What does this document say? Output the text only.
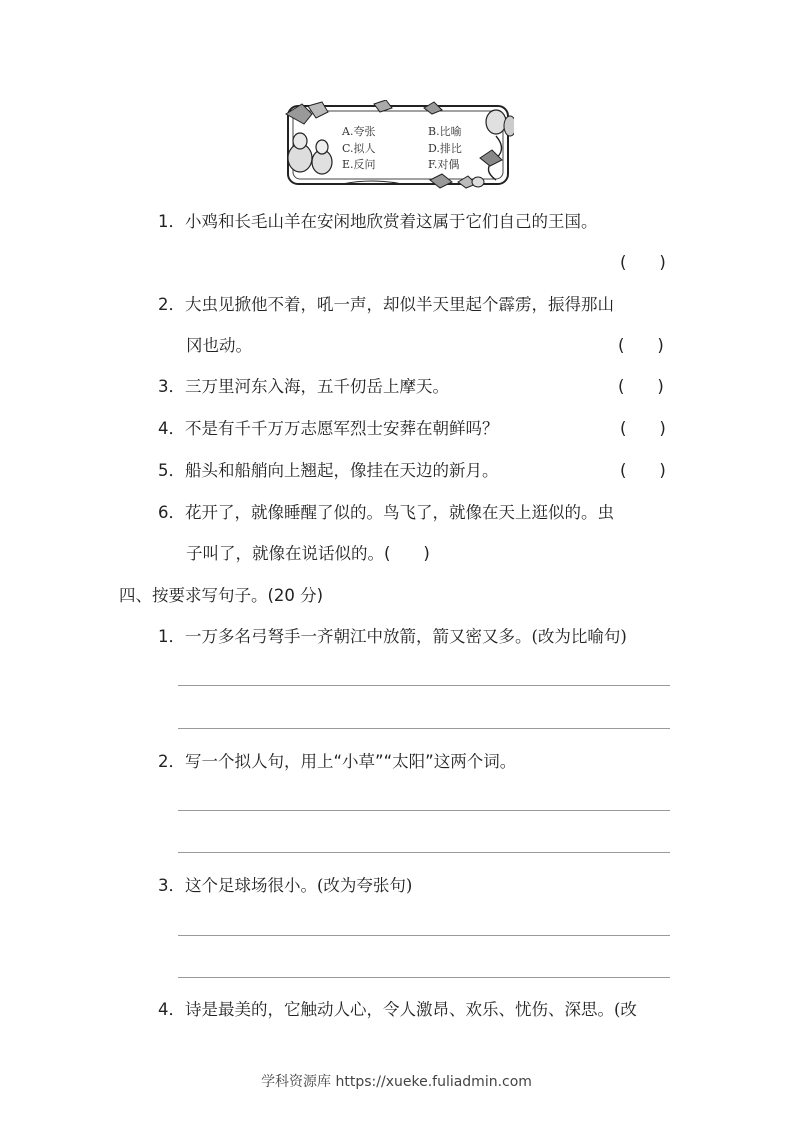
A.夸张	B.比喻
C.拟人	D.排比
E.反问	F.对偶
1．小鸡和长毛山羊在安闲地欣赏着这属于它们自己的王国。
(　　)
2．大虫见掀他不着，吼一声，却似半天里起个霹雳，振得那山
冈也动。	(　　)
3．三万里河东入海，五千仞岳上摩天。	(　　)
4．不是有千千万万志愿军烈士安葬在朝鲜吗？	(　　)
5．船头和船艄向上翘起，像挂在天边的新月。	(　　)
6．花开了，就像睡醒了似的。鸟飞了，就像在天上逛似的。虫
子叫了，就像在说话似的。(　　)
四、按要求写句子。(20 分)
1．一万多名弓弩手一齐朝江中放箭，箭又密又多。(改为比喻句)
2．写一个拟人句，用上“小草”“太阳”这两个词。
3．这个足球场很小。(改为夸张句)
4．诗是最美的，它触动人心，令人激昂、欢乐、忧伤、深思。(改
学科资源库 https://xueke.fuliadmin.com
